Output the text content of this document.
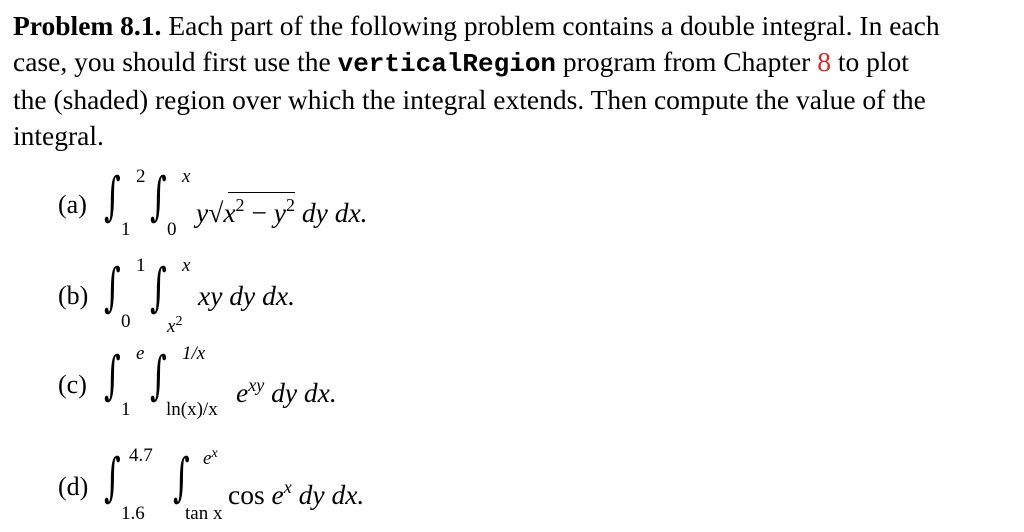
Problem 8.1. Each part of the following problem contains a double integral. In each
case, you should first use the verticalRegion program from Chapter 8 to plot
the (shaded) region over which the integral extends. Then compute the value of the
integral.
(a) ∫ 2
1
∫ x
0
y√
$x^2 - y^2$ dy dx.
(b) ∫ 1
0
∫ x
$x^2$
xy dy dx.
(c) ∫ e
1
∫ 1/x
ln(x)/x
$e^{xy}$ dy dx.
(d) ∫ 4.7
1.6
∫ $e^x$
tan x
$\cos e^x$ dy dx.
